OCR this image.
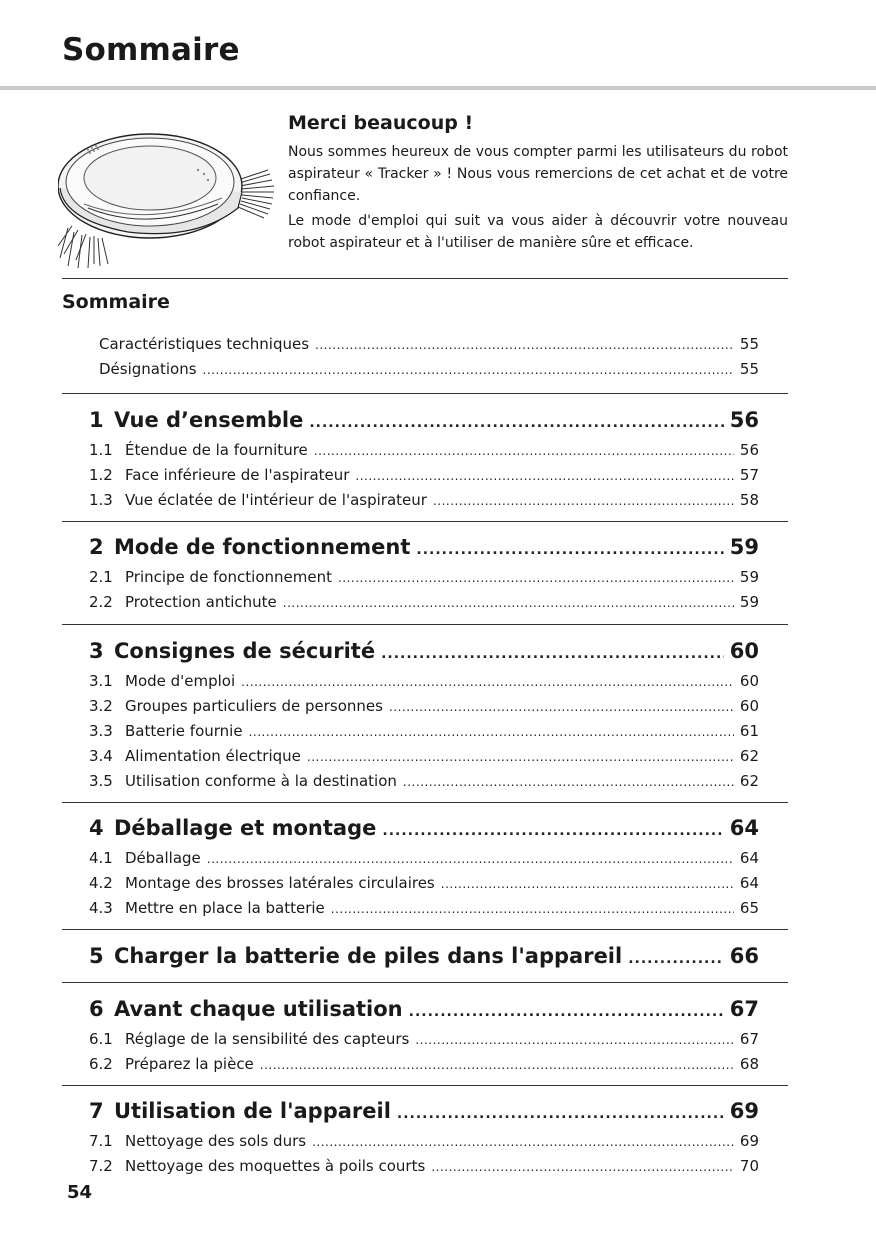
Sommaire
Merci beaucoup !

Nous sommes heureux de vous compter parmi les utilisateurs du robot aspirateur « Tracker » ! Nous vous remercions de cet achat et de votre confiance.

Le mode d'emploi qui suit va vous aider à découvrir votre nouveau robot aspirateur et à l'utiliser de manière sûre et efficace.

Sommaire
Caractéristiques techniques .....	55
Désignations .....	55
1 Vue d’ensemble .....	56
1.1 Étendue de la fourniture .....	56
1.2 Face inférieure de l'aspirateur .....	57
1.3 Vue éclatée de l'intérieur de l'aspirateur .....	58
2 Mode de fonctionnement .....	59
2.1 Principe de fonctionnement .....	59
2.2 Protection antichute .....	59
3 Consignes de sécurité .....	60
3.1 Mode d'emploi .....	60
3.2 Groupes particuliers de personnes .....	60
3.3 Batterie fournie .....	61
3.4 Alimentation électrique .....	62
3.5 Utilisation conforme à la destination .....	62
4 Déballage et montage .....	64
4.1 Déballage .....	64
4.2 Montage des brosses latérales circulaires .....	64
4.3 Mettre en place la batterie .....	65
5 Charger la batterie de piles dans l'appareil .....	66
6 Avant chaque utilisation .....	67
6.1 Réglage de la sensibilité des capteurs .....	67
6.2 Préparez la pièce .....	68
7 Utilisation de l'appareil .....	69
7.1 Nettoyage des sols durs .....	69
7.2 Nettoyage des moquettes à poils courts .....	70
54
